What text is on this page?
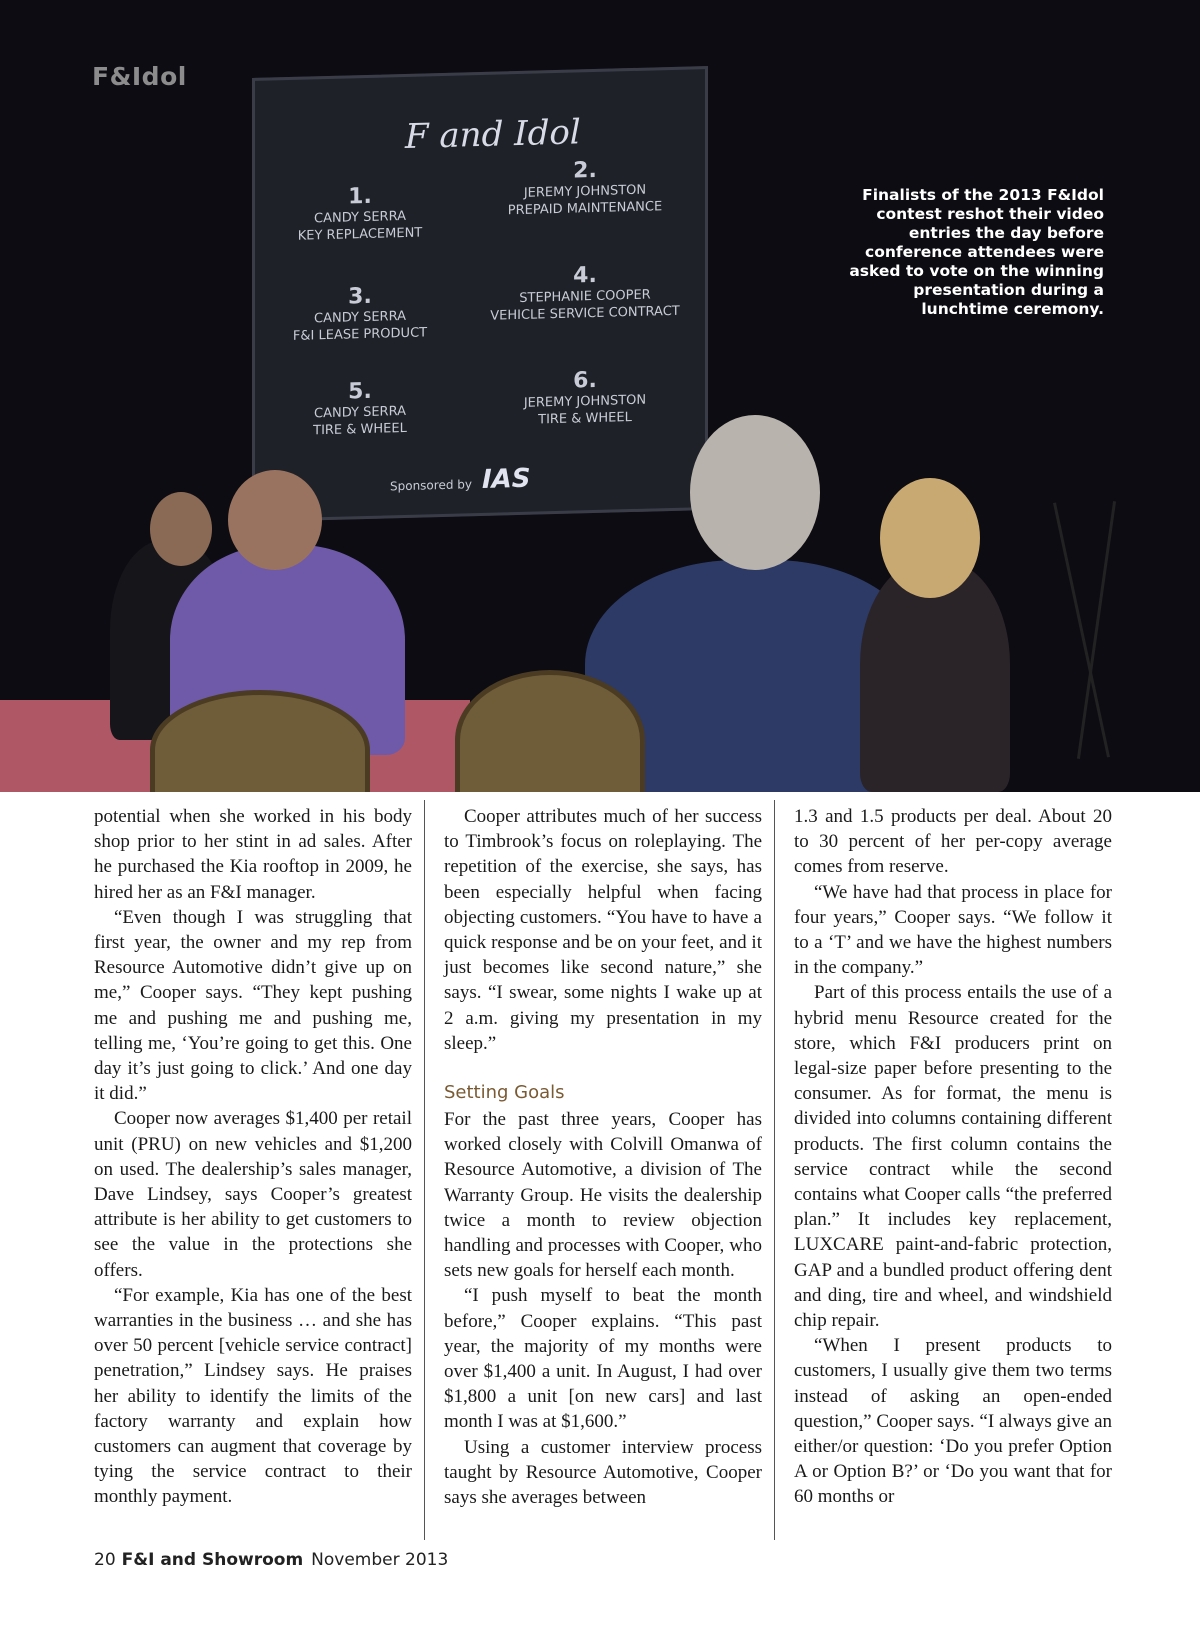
F and Idol
1.
CANDY SERRA
KEY REPLACEMENT
2.
JEREMY JOHNSTON
PREPAID MAINTENANCE
3.
CANDY SERRA
F&I LEASE PRODUCT
4.
STEPHANIE COOPER
VEHICLE SERVICE CONTRACT
5.
CANDY SERRA
TIRE & WHEEL
6.
JEREMY JOHNSTON
TIRE & WHEEL
Sponsored by IAS
F&Idol
Finalists of the 2013 F&Idol contest reshot their video entries the day before conference attendees were asked to vote on the winning presentation during a lunchtime ceremony.

potential when she worked in his body shop prior to her stint in ad sales. After he purchased the Kia rooftop in 2009, he hired her as an F&I manager.

“Even though I was struggling that first year, the owner and my rep from Resource Automotive didn’t give up on me,” Cooper says. “They kept pushing me and pushing me and pushing me, telling me, ‘You’re going to get this. One day it’s just going to click.’ And one day it did.”

Cooper now averages $1,400 per retail unit (PRU) on new vehicles and $1,200 on used. The dealership’s sales manager, Dave Lindsey, says Cooper’s greatest attribute is her ability to get customers to see the value in the protections she offers.

“For example, Kia has one of the best warranties in the business … and she has over 50 percent [vehicle service contract] penetration,” Lindsey says. He praises her ability to identify the limits of the factory warranty and explain how customers can augment that coverage by tying the service contract to their monthly payment.

Cooper attributes much of her success to Timbrook’s focus on roleplaying. The repetition of the exercise, she says, has been especially helpful when facing objecting customers. “You have to have a quick response and be on your feet, and it just becomes like second nature,” she says. “I swear, some nights I wake up at 2 a.m. giving my presentation in my sleep.”

Setting Goals

For the past three years, Cooper has worked closely with Colvill Omanwa of Resource Automotive, a division of The Warranty Group. He visits the dealership twice a month to review objection handling and processes with Cooper, who sets new goals for herself each month.

“I push myself to beat the month before,” Cooper explains. “This past year, the majority of my months were over $1,400 a unit. In August, I had over $1,800 a unit [on new cars] and last month I was at $1,600.”

Using a customer interview process taught by Resource Automotive, Cooper says she averages between

1.3 and 1.5 products per deal. About 20 to 30 percent of her per-copy average comes from reserve.

“We have had that process in place for four years,” Cooper says. “We follow it to a ‘T’ and we have the highest numbers in the company.”

Part of this process entails the use of a hybrid menu Resource created for the store, which F&I producers print on legal-size paper before presenting to the consumer. As for format, the menu is divided into columns containing different products. The first column contains the service contract while the second contains what Cooper calls “the preferred plan.” It includes key replacement, LUXCARE paint-and-fabric protection, GAP and a bundled product offering dent and ding, tire and wheel, and windshield chip repair.

“When I present products to customers, I usually give them two terms instead of asking an open-ended question,” Cooper says. “I always give an either/or question: ‘Do you prefer Option A or Option B?’ or ‘Do you want that for 60 months or

20 F&I and Showroom November 2013
